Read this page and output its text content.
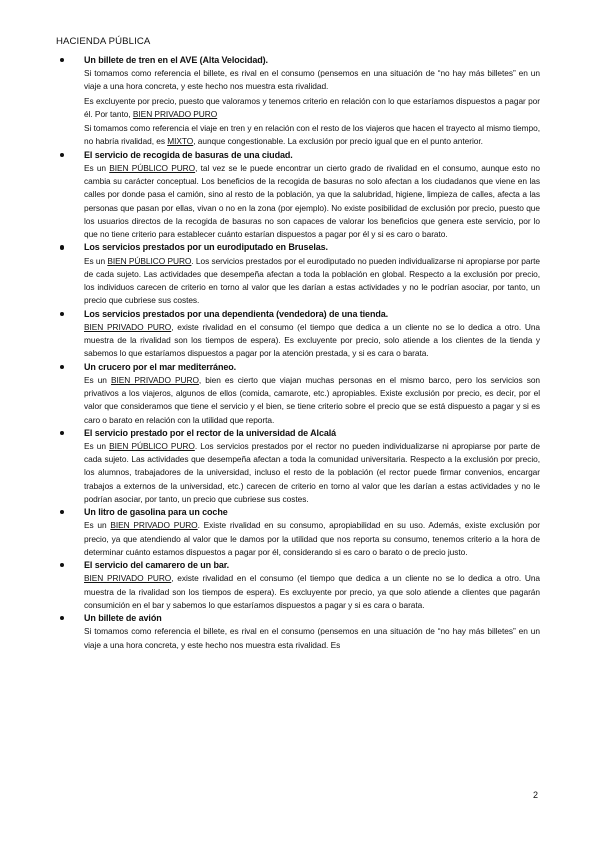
HACIENDA PÚBLICA
Un billete de tren en el AVE (Alta Velocidad).

Si tomamos como referencia el billete, es rival en el consumo (pensemos en una situación de “no hay más billetes” en un viaje a una hora concreta, y este hecho nos muestra esta rivalidad.

Es excluyente por precio, puesto que valoramos y tenemos criterio en relación con lo que estaríamos dispuestos a pagar por él. Por tanto, BIEN PRIVADO PURO

Si tomamos como referencia el viaje en tren y en relación con el resto de los viajeros que hacen el trayecto al mismo tiempo, no habría rivalidad, es MIXTO, aunque congestionable. La exclusión por precio igual que en el punto anterior.

El servicio de recogida de basuras de una ciudad.

Es un BIEN PÚBLICO PURO, tal vez se le puede encontrar un cierto grado de rivalidad en el consumo, aunque esto no cambia su carácter conceptual. Los beneficios de la recogida de basuras no solo afectan a los ciudadanos que viene en las calles por donde pasa el camión, sino al resto de la población, ya que la salubridad, higiene, limpieza de calles, afecta a las personas que pasan por ellas, vivan o no en la zona (por ejemplo). No existe posibilidad de exclusión por precio, puesto que los usuarios directos de la recogida de basuras no son capaces de valorar los beneficios que genera este servicio, por lo que no tiene criterio para establecer cuánto estarían dispuestos a pagar por él y si es caro o barato.

Los servicios prestados por un eurodiputado en Bruselas.

Es un BIEN PÚBLICO PURO. Los servicios prestados por el eurodiputado no pueden individualizarse ni apropiarse por parte de cada sujeto. Las actividades que desempeña afectan a toda la población en global. Respecto a la exclusión por precio, los individuos carecen de criterio en torno al valor que les darían a estas actividades y no le podrían asociar, por tanto, un precio que cubriese sus costes.

Los servicios prestados por una dependienta (vendedora) de una tienda.

BIEN PRIVADO PURO, existe rivalidad en el consumo (el tiempo que dedica a un cliente no se lo dedica a otro. Una muestra de la rivalidad son los tiempos de espera). Es excluyente por precio, solo atiende a los clientes de la tienda y sabemos lo que estaríamos dispuestos a pagar por la atención prestada, y si es cara o barata.

Un crucero por el mar mediterráneo.

Es un BIEN PRIVADO PURO, bien es cierto que viajan muchas personas en el mismo barco, pero los servicios son privativos a los viajeros, algunos de ellos (comida, camarote, etc.) apropiables. Existe exclusión por precio, es decir, por el valor que consideramos que tiene el servicio y el bien, se tiene criterio sobre el precio que se está dispuesto a pagar y si es caro o barato en relación con la utilidad que reporta.

El servicio prestado por el rector de la universidad de Alcalá

Es un BIEN PÚBLICO PURO. Los servicios prestados por el rector no pueden individualizarse ni apropiarse por parte de cada sujeto. Las actividades que desempeña afectan a toda la comunidad universitaria. Respecto a la exclusión por precio, los alumnos, trabajadores de la universidad, incluso el resto de la población (el rector puede firmar convenios, encargar trabajos a externos de la universidad, etc.) carecen de criterio en torno al valor que les darían a estas actividades y no le podrían asociar, por tanto, un precio que cubriese sus costes.

Un litro de gasolina para un coche

Es un BIEN PRIVADO PURO. Existe rivalidad en su consumo, apropiabilidad en su uso. Además, existe exclusión por precio, ya que atendiendo al valor que le damos por la utilidad que nos reporta su consumo, tenemos criterio a la hora de determinar cuánto estamos dispuestos a pagar por él, considerando si es caro o barato o de precio justo.

El servicio del camarero de un bar.

BIEN PRIVADO PURO, existe rivalidad en el consumo (el tiempo que dedica a un cliente no se lo dedica a otro. Una muestra de la rivalidad son los tiempos de espera). Es excluyente por precio, ya que solo atiende a clientes que pagarán consumición en el bar y sabemos lo que estaríamos dispuestos a pagar y si es cara o barata.

Un billete de avión

Si tomamos como referencia el billete, es rival en el consumo (pensemos en una situación de “no hay más billetes” en un viaje a una hora concreta, y este hecho nos muestra esta rivalidad. Es

2
